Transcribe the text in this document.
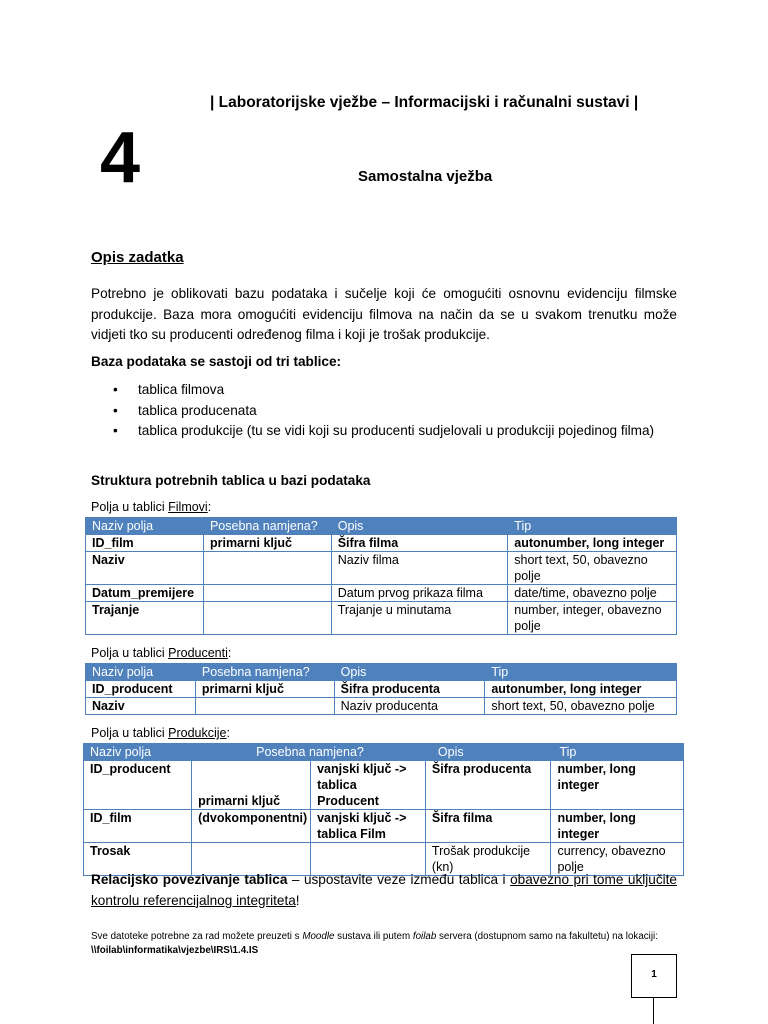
| Laboratorijske vježbe – Informacijski i računalni sustavi |
4	Samostalna vježba
Opis zadatka
Potrebno je oblikovati bazu podataka i sučelje koji će omogućiti osnovnu evidenciju filmske produkcije. Baza mora omogućiti evidenciju filmova na način da se u svakom trenutku može vidjeti tko su producenti određenog filma i koji je trošak produkcije.
Baza podataka se sastoji od tri tablice:
• tablica filmova
• tablica producenata
• tablica produkcije (tu se vidi koji su producenti sudjelovali u produkciji pojedinog filma)
Struktura potrebnih tablica u bazi podataka
Polja u tablici Filmovi:
Naziv polja	Posebna namjena?	Opis	Tip
ID_film	primarni ključ	Šifra filma	autonumber, long integer
Naziv		Naziv filma	short text, 50, obavezno polje
Datum_premijere		Datum prvog prikaza filma	date/time, obavezno polje
Trajanje		Trajanje u minutama	number, integer, obavezno polje
Polja u tablici Producenti:
Naziv polja	Posebna namjena?	Opis	Tip
ID_producent	primarni ključ	Šifra producenta	autonumber, long integer
Naziv		Naziv producenta	short text, 50, obavezno polje
Polja u tablici Produkcije:
Naziv polja	Posebna namjena?		Opis	Tip
ID_producent	primarni ključ	vanjski ključ -> tablica Producent	Šifra producenta	number, long integer
ID_film	(dvokomponentni)	vanjski ključ -> tablica Film	Šifra filma	number, long integer
Trosak			Trošak produkcije (kn)	currency, obavezno polje
Relacijsko povezivanje tablica – uspostavite veze između tablica i obavezno pri tome uključite kontrolu referencijalnog integriteta!
Sve datoteke potrebne za rad možete preuzeti s Moodle sustava ili putem foilab servera (dostupnom samo na fakultetu) na lokaciji: \\foilab\informatika\vjezbe\IRS\1.4.IS
1
